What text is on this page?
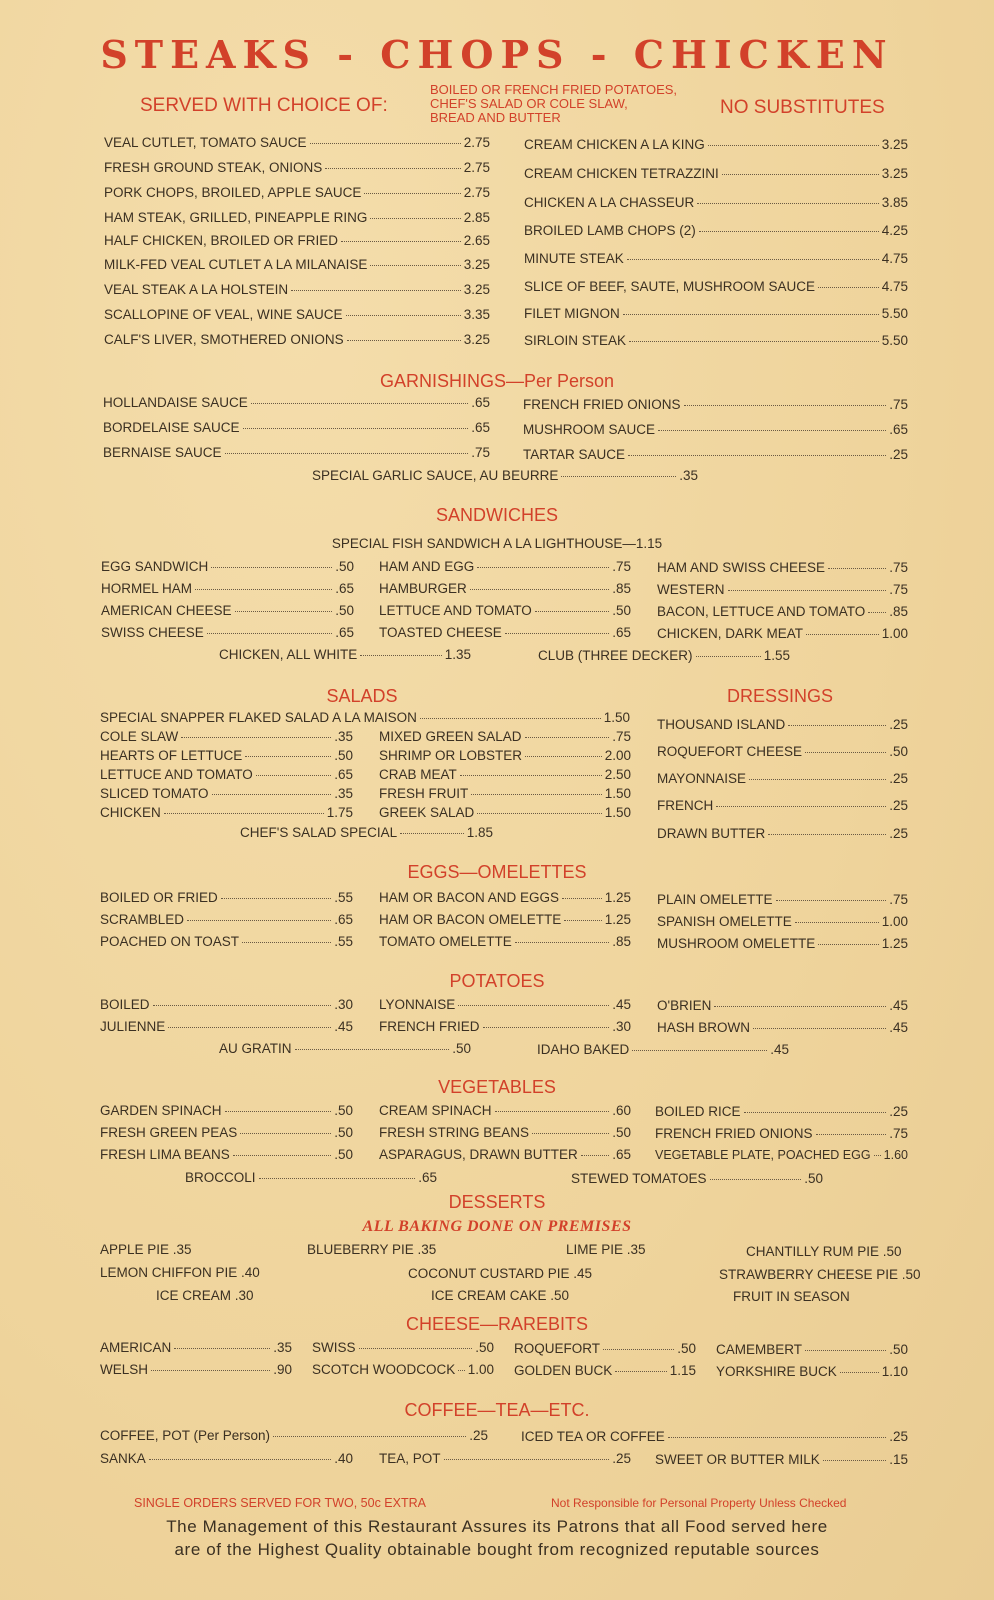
STEAKS - CHOPS - CHICKEN
SERVED WITH CHOICE OF:
BOILED OR FRENCH FRIED POTATOES,
CHEF'S SALAD OR COLE SLAW,
BREAD AND BUTTER	NO SUBSTITUTES
VEAL CUTLET, TOMATO SAUCE	2.75
FRESH GROUND STEAK, ONIONS	2.75
PORK CHOPS, BROILED, APPLE SAUCE	2.75
HAM STEAK, GRILLED, PINEAPPLE RING	2.85
HALF CHICKEN, BROILED OR FRIED	2.65
MILK-FED VEAL CUTLET A LA MILANAISE	3.25
VEAL STEAK A LA HOLSTEIN	3.25
SCALLOPINE OF VEAL, WINE SAUCE	3.35
CALF'S LIVER, SMOTHERED ONIONS	3.25
CREAM CHICKEN A LA KING	3.25
CREAM CHICKEN TETRAZZINI	3.25
CHICKEN A LA CHASSEUR	3.85
BROILED LAMB CHOPS (2)	4.25
MINUTE STEAK	4.75
SLICE OF BEEF, SAUTE, MUSHROOM SAUCE	4.75
FILET MIGNON	5.50
SIRLOIN STEAK	5.50
GARNISHINGS—Per Person
HOLLANDAISE SAUCE	.65
BORDELAISE SAUCE	.65
BERNAISE SAUCE	.75
FRENCH FRIED ONIONS	.75
MUSHROOM SAUCE	.65
TARTAR SAUCE	.25
SPECIAL GARLIC SAUCE, AU BEURRE	.35
SANDWICHES
SPECIAL FISH SANDWICH A LA LIGHTHOUSE—1.15
EGG SANDWICH	.50
HORMEL HAM	.65
AMERICAN CHEESE	.50
SWISS CHEESE	.65
HAM AND EGG	.75
HAMBURGER	.85
LETTUCE AND TOMATO	.50
TOASTED CHEESE	.65
HAM AND SWISS CHEESE	.75
WESTERN	.75
BACON, LETTUCE AND TOMATO .85
CHICKEN, DARK MEAT	1.00
CHICKEN, ALL WHITE	1.35	CLUB (THREE DECKER)	1.55
SALADS
SPECIAL SNAPPER FLAKED SALAD A LA MAISON	1.50
COLE SLAW	.35
HEARTS OF LETTUCE	.50
LETTUCE AND TOMATO	.65
SLICED TOMATO	.35
CHICKEN	1.75
MIXED GREEN SALAD	.75
SHRIMP OR LOBSTER	2.00
CRAB MEAT	2.50
FRESH FRUIT	1.50
GREEK SALAD	1.50
CHEF'S SALAD SPECIAL	1.85
DRESSINGS
THOUSAND ISLAND	.25
ROQUEFORT CHEESE	.50
MAYONNAISE	.25
FRENCH	.25
DRAWN BUTTER	.25
EGGS—OMELETTES
BOILED OR FRIED	.55
SCRAMBLED	.65
POACHED ON TOAST	.55
HAM OR BACON AND EGGS	1.25
HAM OR BACON OMELETTE	1.25
TOMATO OMELETTE	.85
PLAIN OMELETTE	.75
SPANISH OMELETTE	1.00
MUSHROOM OMELETTE	1.25
POTATOES
BOILED	.30
JULIENNE	.45
LYONNAISE	.45
FRENCH FRIED	.30
O'BRIEN	.45
HASH BROWN	.45
AU GRATIN	.50	IDAHO BAKED	.45
VEGETABLES
GARDEN SPINACH	.50
FRESH GREEN PEAS	.50
FRESH LIMA BEANS	.50
CREAM SPINACH	.60
FRESH STRING BEANS	.50
ASPARAGUS, DRAWN BUTTER	.65
BOILED RICE	.25
FRENCH FRIED ONIONS	.75
VEGETABLE PLATE, POACHED EGG 1.60
BROCCOLI	.65	STEWED TOMATOES	.50
DESSERTS
ALL BAKING DONE ON PREMISES
APPLE PIE .35	BLUEBERRY PIE .35	LIME PIE .35	CHANTILLY RUM PIE .50
LEMON CHIFFON PIE .40	COCONUT CUSTARD PIE .45	STRAWBERRY CHEESE PIE .50
ICE CREAM .30	ICE CREAM CAKE .50	FRUIT IN SEASON
CHEESE—RAREBITS
AMERICAN	.35
WELSH	.90
SWISS	.50
SCOTCH WOODCOCK 1.00
ROQUEFORT	.50
GOLDEN BUCK	1.15
CAMEMBERT	.50
YORKSHIRE BUCK	1.10
COFFEE—TEA—ETC.
COFFEE, POT (Per Person)	.25 ICED TEA OR COFFEE	.25
SANKA	.40 TEA, POT	.25 SWEET OR BUTTER MILK	.15
SINGLE ORDERS SERVED FOR TWO, 50c EXTRA	Not Responsible for Personal Property Unless Checked
The Management of this Restaurant Assures its Patrons that all Food served here
are of the Highest Quality obtainable bought from recognized reputable sources
